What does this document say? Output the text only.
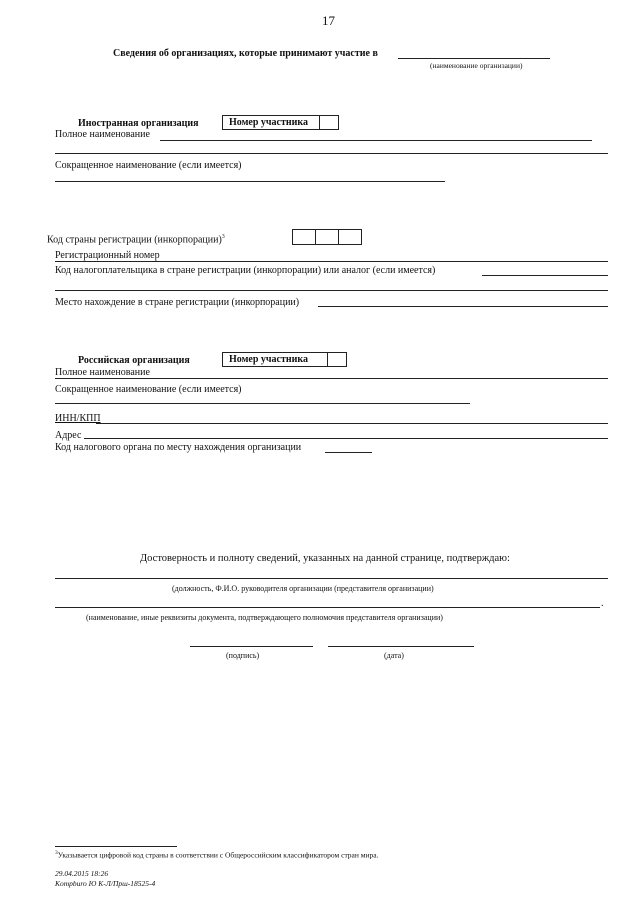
17
Сведения об организациях, которые принимают участие в
(наименование организации)
Иностранная организация	Номер участника
Полное наименование
Сокращенное наименование (если имеется)
Код страны регистрации (инкорпорации)$^3$
Регистрационный номер
Код налогоплательщика в стране регистрации (инкорпорации) или аналог (если имеется)
Место нахождение в стране регистрации (инкорпорации)
Российская организация	Номер участника
Полное наименование
Сокращенное наименование (если имеется)
ИНН/КПП
Адрес
Код налогового органа по месту нахождения организации
Достоверность и полноту сведений, указанных на данной странице, подтверждаю:
(должность, Ф.И.О. руководителя организации (представителя организации)
.
(наименование, иные реквизиты документа, подтверждающего полномочия представителя организации)
(подпись)	(дата)
$^3$Указывается цифровой код страны в соответствии с Общероссийским классификатором стран мира.
29.04.2015 18:26
Kompburo Ю К-Л/Прш-18525-4
